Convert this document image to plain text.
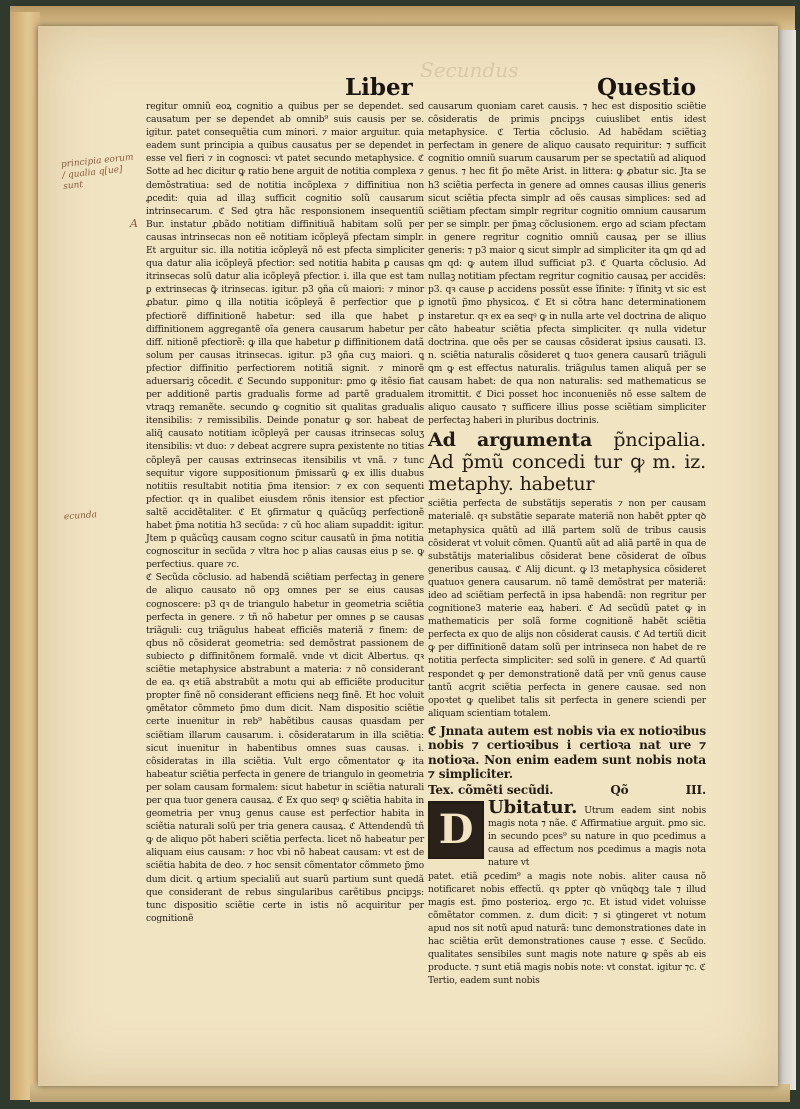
Secundus
Liber	Questio
principia eorum / qualia q[ue] sunt
ecunda
A

regitur omniũ eoꝝ cognitio a quibus per se dependet. sed causatum per se dependet ab omnib⁹ suis causis per se. igitur. patet consequẽtia cum minori. ⁊ maior arguitur. quia eadem sunt principia a quibus causatus per se dependet in esse vel fieri ⁊ in cognosci: vt patet secundo metaphysice. ℭ Sotte ad hec dicitur ꝙ ratio bene arguit de notitia complexa ⁊ demõstratiua: sed de notitia incõplexa ⁊ diffinitiua non ꝓcedit: quia ad illaꝫ sufficit cognitio solũ causarum intrinsecarum. ℭ Sed ꝯtra hãc responsionem insequentiũ Bur. instatur ꝓbãdo notitiam diffinitiuã habitam solũ per causas intrinsecas non eẽ notitiam icõpleyã pfectam simplr. Et arguitur sic. illa notitia icõpleyã nõ est pfecta simpliciter qua datur alia icõpleyã pfectior: sed notitia habita ꝑ causas itrinsecas solũ datur alia icõpleyã pfectior. i. illa que est tam ꝑ extrinsecas ꝙ̃ itrinsecas. igitur. p3 ꝯña cũ maiori: ⁊ minor ꝓbatur. ꝑimo ꝗ illa notitia icõpleyã ẽ perfectior que ꝑ pfectiorẽ diffinitionẽ habetur: sed illa que habet ꝑ diffinitionem aggregantẽ oĩa genera causarum habetur per diff. nitionẽ pfectiorẽ: ꝙ illa que habetur ꝑ diffinitionem datã solum per causas itrinsecas. igitur. p3 ꝯña cuʒ maiori. ꝗ pfectior diffinitio perfectiorem notitiã signit. ⁊ minorẽ aduersariꝫ cõcedit. ℭ Secundo supponitur: ꝑmo ꝙ itẽsio fiat per additionẽ partis gradualis forme ad partẽ gradualem vtraqꝫ remanẽte. secundo ꝙ cognitio sit qualitas gradualis itensibilis: ⁊ remissibilis. Deinde ponatur ꝙ sor. habeat de aliq̃ causato notitiam icõpleyã per causas itrinsecas soluʒ itensibilis: vt duo: ⁊ debeat acgrere supra ꝑexistente no titias cõpleyã per causas extrinsecas itensibilis vt vnã. ⁊ tunc sequitur vigore suppositionum p̃missarũ ꝙ ex illis duabus notitiis resultabit notitia p̃ma itensior: ⁊ ex con sequenti pfectior. qꝛ in qualibet eiusdem rõnis itensior est pfectior saltẽ accidẽtaliter. ℭ Et ꝯfirmatur ꝗ quãcũqꝫ perfectionẽ habet p̃ma notitia h3 secũda: ⁊ cũ hoc aliam supaddit: igitur. Jtem p quãcũqꝫ causam cogno scitur causatũ in p̃ma notitia cognoscitur in secũda ⁊ vltra hoc p alias causas eius p se. ꝙ perfectius. quare ⁊c.

ℭ Secũda cõclusio. ad habendã sciẽtiam perfectaꝫ in genere de aliquo causato nõ opꝫ omnes per se eius causas cognoscere: p3 qꝛ de triangulo habetur in geometria sciẽtia perfecta in genere. ⁊ tñ nõ habetur per omnes ꝑ se causas triãguli: cuꝫ triãgulus habeat efficiẽs materiã ⁊ finem: de qbus nõ cõsiderat geometria: sed demõstrat passionem de subiecto ꝑ diffinitõnem formalẽ. vnde vt dicit Albertus. qꝛ sciẽtie metaphysice abstrabunt a materia: ⁊ nõ considerant de ea. qꝛ etiã abstrabũt a motu qui ab efficiẽte producitur propter finẽ nõ considerant efficiens neqꝫ finẽ. Et hoc voluit ꝯmẽtator cõmmeto p̃mo dum dicit. Nam dispositio sciẽtie certe inuenitur in reb⁹ habẽtibus causas quasdam per sciẽtiam illarum causarum. i. cõsideratarum in illa sciẽtia: sicut inuenitur in habentibus omnes suas causas. i. cõsideratas in illa sciẽtia. Vult ergo cõmentator ꝙ ita habeatur sciẽtia perfecta in genere de triangulo in geometria per solam causam formalem: sicut habetur in sciẽtia naturali per qua tuor genera causaꝝ. ℭ Ex quo seqꝰ ꝙ sciẽtia habita in geometria per vnuꝫ genus cause est perfectior habita in sciẽtia naturali solũ per tria genera causaꝝ. ℭ Attendendũ tñ ꝙ de aliquo põt haberi sciẽtia perfecta. licet nõ habeatur per aliquam eius causam: ⁊ hoc vbi nõ habeat causam: vt est de sciẽtia habita de deo. ⁊ hoc sensit cõmentator cõmmeto p̃mo dum dicit. ꝗ artium specialiũ aut suarũ partium sunt quedã que considerant de rebus singularibus carẽtibus ꝑncipꝫs: tunc dispositio sciẽtie certe in istis nõ acquiritur per cognitionẽ

causarum quoniam caret causis. ⁊ hec est dispositio sciẽtie cõsideratis de primis ꝑncipꝫs cuiuslibet entis idest metaphysice. ℭ Tertia cõclusio. Ad habẽdam sciẽtiaꝫ perfectam in genere de aliquo causato requiritur: ⁊ sufficit cognitio omniũ suarum causarum per se spectatiũ ad aliquod genus. ⁊ hec fit p̃o mẽte Arist. in littera: ꝙ ꝓbatur sic. Jta se h3 sciẽtia perfecta in genere ad omnes causas illius generis sicut sciẽtia pfecta simplr ad oẽs causas simplices: sed ad sciẽtiam pfectam simplr regritur cognitio omnium causarum per se simplr. per p̃maꝫ cõclusionem. ergo ad sciam pfectam in genere regritur cognitio omniũ causaꝝ per se illius generis: ⁊ p3 maior ꝗ sicut simplr ad simpliciter ita ꝗm qd ad ꝗm qd: ꝙ autem illud sufficiat p3. ℭ Quarta cõclusio. Ad nullaꝫ notitiam pfectam regritur cognitio causaꝝ per accidẽs: p3. qꝛ cause ꝑ accidens possũt esse ĩfinite: ⁊ ĩfinitꝫ vt sic est ignotũ p̃mo physicoꝝ. ℭ Et si cõtra hanc determinationem instaretur. qꝛ ex ea seqꝰ ꝙ in nulla arte vel doctrina de aliquo cãto habeatur sciẽtia pfecta simpliciter. qꝛ nulla videtur doctrina. que oẽs per se causas cõsiderat ipsius causati. l3. n. sciẽtia naturalis cõsideret ꝗ tuoꝛ genera causarũ triãguli ꝗm ꝙ est effectus naturalis. triãgulus tamen aliquã per se causam habet: de qua non naturalis: sed mathematicus se itromittit. ℭ Dici posset hoc inconueniẽs nõ esse saltem de aliquo causato ⁊ sufficere illius posse sciẽtiam simpliciter perfectaꝫ haberi in pluribus doctrinis.

Ad argumenta p̃ncipalia. Ad p̃mũ concedi tur ꝙ m. iz. metaphy. habetur

sciẽtia perfecta de substãtijs seperatis ⁊ non per causam materialẽ. qꝛ substãtie separate materiã non habẽt ꝑpter qꝺ metaphysica quãtũ ad illã partem solũ de tribus causis cõsiderat vt voluit cõmen. Quantũ aũt ad aliã partẽ in qua de substãtijs materialibus cõsiderat bene cõsiderat de oĩbus generibus causaꝝ. ℭ Alij dicunt. ꝙ l3 metaphysica cõsideret quatuoꝛ genera causarum. nõ tamẽ demõstrat per materiã: ideo ad sciẽtiam perfectã in ipsa habendã: non regritur per cognitione3 materie eaꝝ haberi. ℭ Ad secũdũ patet ꝙ in mathematicis per solã forme cognitionẽ habẽt sciẽtia perfecta ex quo de alijs non cõsiderat causis. ℭ Ad tertiũ dicit ꝙ per diffinitionẽ datam solũ per intrinseca non habet de re notitia perfecta simpliciter: sed solũ in genere. ℭ Ad quartũ respondet ꝙ per demonstrationẽ datã per vnũ genus cause tantũ acgrit sciẽtia perfecta in genere causae. sed non opoꝛtet ꝙ quelibet talis sit perfecta in genere sciendi per aliquam scientiam totalem.

ℭ Jnnata autem est nobis via ex notioꝛibus nobis ⁊ certioꝛibus i certioꝛa nat ure ⁊ notioꝛa. Non enim eadem sunt nobis nota ⁊ simpliciter.
Tex. cõmẽti secũdi.	Qõ	III.
D Ubitatur. Utrum eadem sint nobis magis nota ⁊ nãe. ℭ Affirmatiue arguit. ꝑmo sic. in secundo pces⁹ su nature in quo pcedimus a causa ad effectum nos ꝑcedimus a magis nota nature vt

patet. etiã ꝑcedim⁹ a magis note nobis. aliter causa nõ notificaret nobis effectũ. qꝛ ꝑpter qꝺ vnũqꝺqꝫ tale ⁊ illud magis est. p̃mo posterioꝝ. ergo ⁊c. Et istud videt voluisse cõmẽtator commen. z. dum dicit: ⁊ si ꝯtingeret vt notum apud nos sit notũ apud naturã: tunc demonstrationes date in hac sciẽtia erũt demonstrationes cause ⁊ esse. ℭ Secũdo. qualitates sensibiles sunt magis note nature ꝙ spẽs ab eis producte. ⁊ sunt etiã magis nobis note: vt constat. igitur ⁊c. ℭ Tertio, eadem sunt nobis
